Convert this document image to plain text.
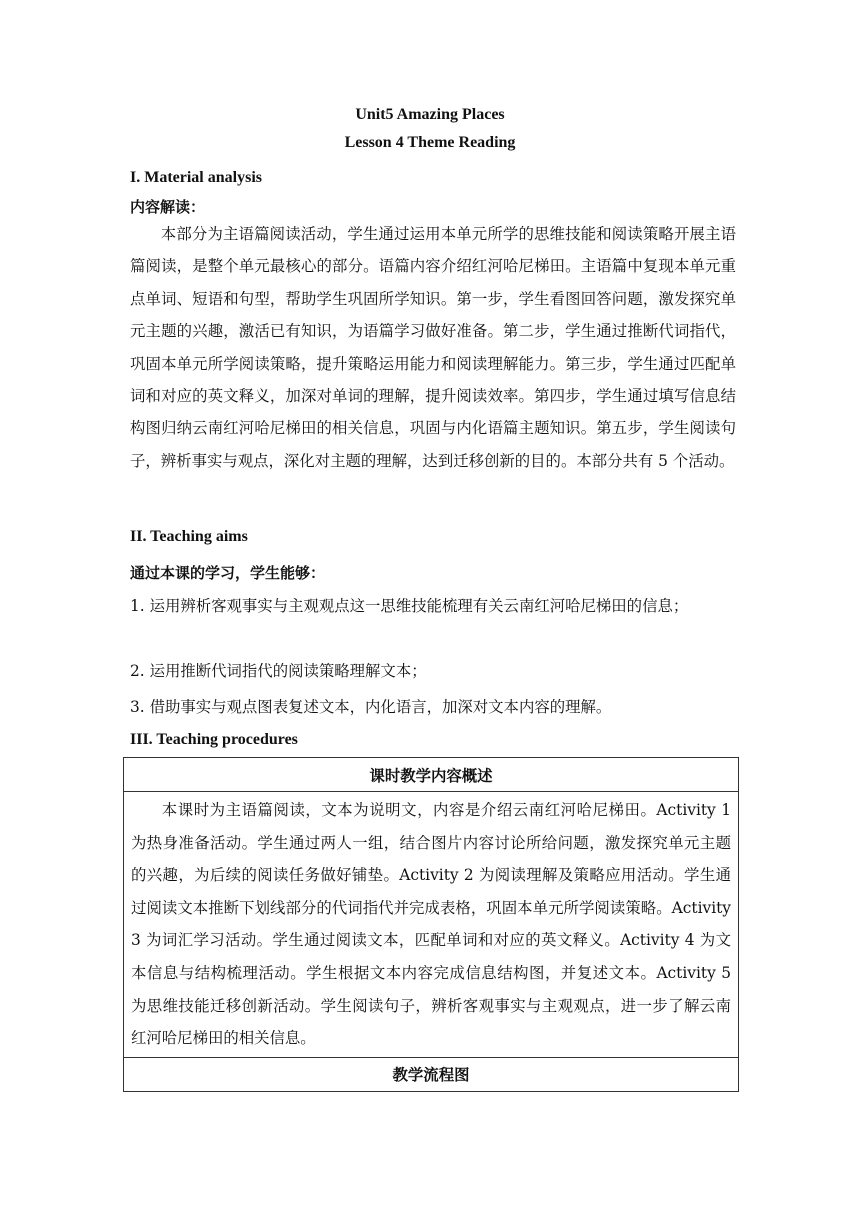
Unit5 Amazing Places
Lesson 4 Theme Reading
I. Material analysis
内容解读：

本部分为主语篇阅读活动，学生通过运用本单元所学的思维技能和阅读策略开展主语篇阅读，是整个单元最核心的部分。语篇内容介绍红河哈尼梯田。主语篇中复现本单元重点单词、短语和句型，帮助学生巩固所学知识。第一步，学生看图回答问题，激发探究单元主题的兴趣，激活已有知识，为语篇学习做好准备。第二步，学生通过推断代词指代，巩固本单元所学阅读策略，提升策略运用能力和阅读理解能力。第三步，学生通过匹配单词和对应的英文释义，加深对单词的理解，提升阅读效率。第四步，学生通过填写信息结构图归纳云南红河哈尼梯田的相关信息，巩固与内化语篇主题知识。第五步，学生阅读句子，辨析事实与观点，深化对主题的理解，达到迁移创新的目的。本部分共有 5 个活动。

II. Teaching aims
通过本课的学习，学生能够：

1. 运用辨析客观事实与主观观点这一思维技能梳理有关云南红河哈尼梯田的信息；

2. 运用推断代词指代的阅读策略理解文本；

3. 借助事实与观点图表复述文本，内化语言，加深对文本内容的理解。

III. Teaching procedures
课时教学内容概述
本课时为主语篇阅读，文本为说明文，内容是介绍云南红河哈尼梯田。Activity 1 为热身准备活动。学生通过两人一组，结合图片内容讨论所给问题，激发探究单元主题的兴趣，为后续的阅读任务做好铺垫。Activity 2 为阅读理解及策略应用活动。学生通过阅读文本推断下划线部分的代词指代并完成表格，巩固本单元所学阅读策略。Activity 3 为词汇学习活动。学生通过阅读文本，匹配单词和对应的英文释义。Activity 4 为文本信息与结构梳理活动。学生根据文本内容完成信息结构图，并复述文本。Activity 5 为思维技能迁移创新活动。学生阅读句子，辨析客观事实与主观观点，进一步了解云南红河哈尼梯田的相关信息。
教学流程图
